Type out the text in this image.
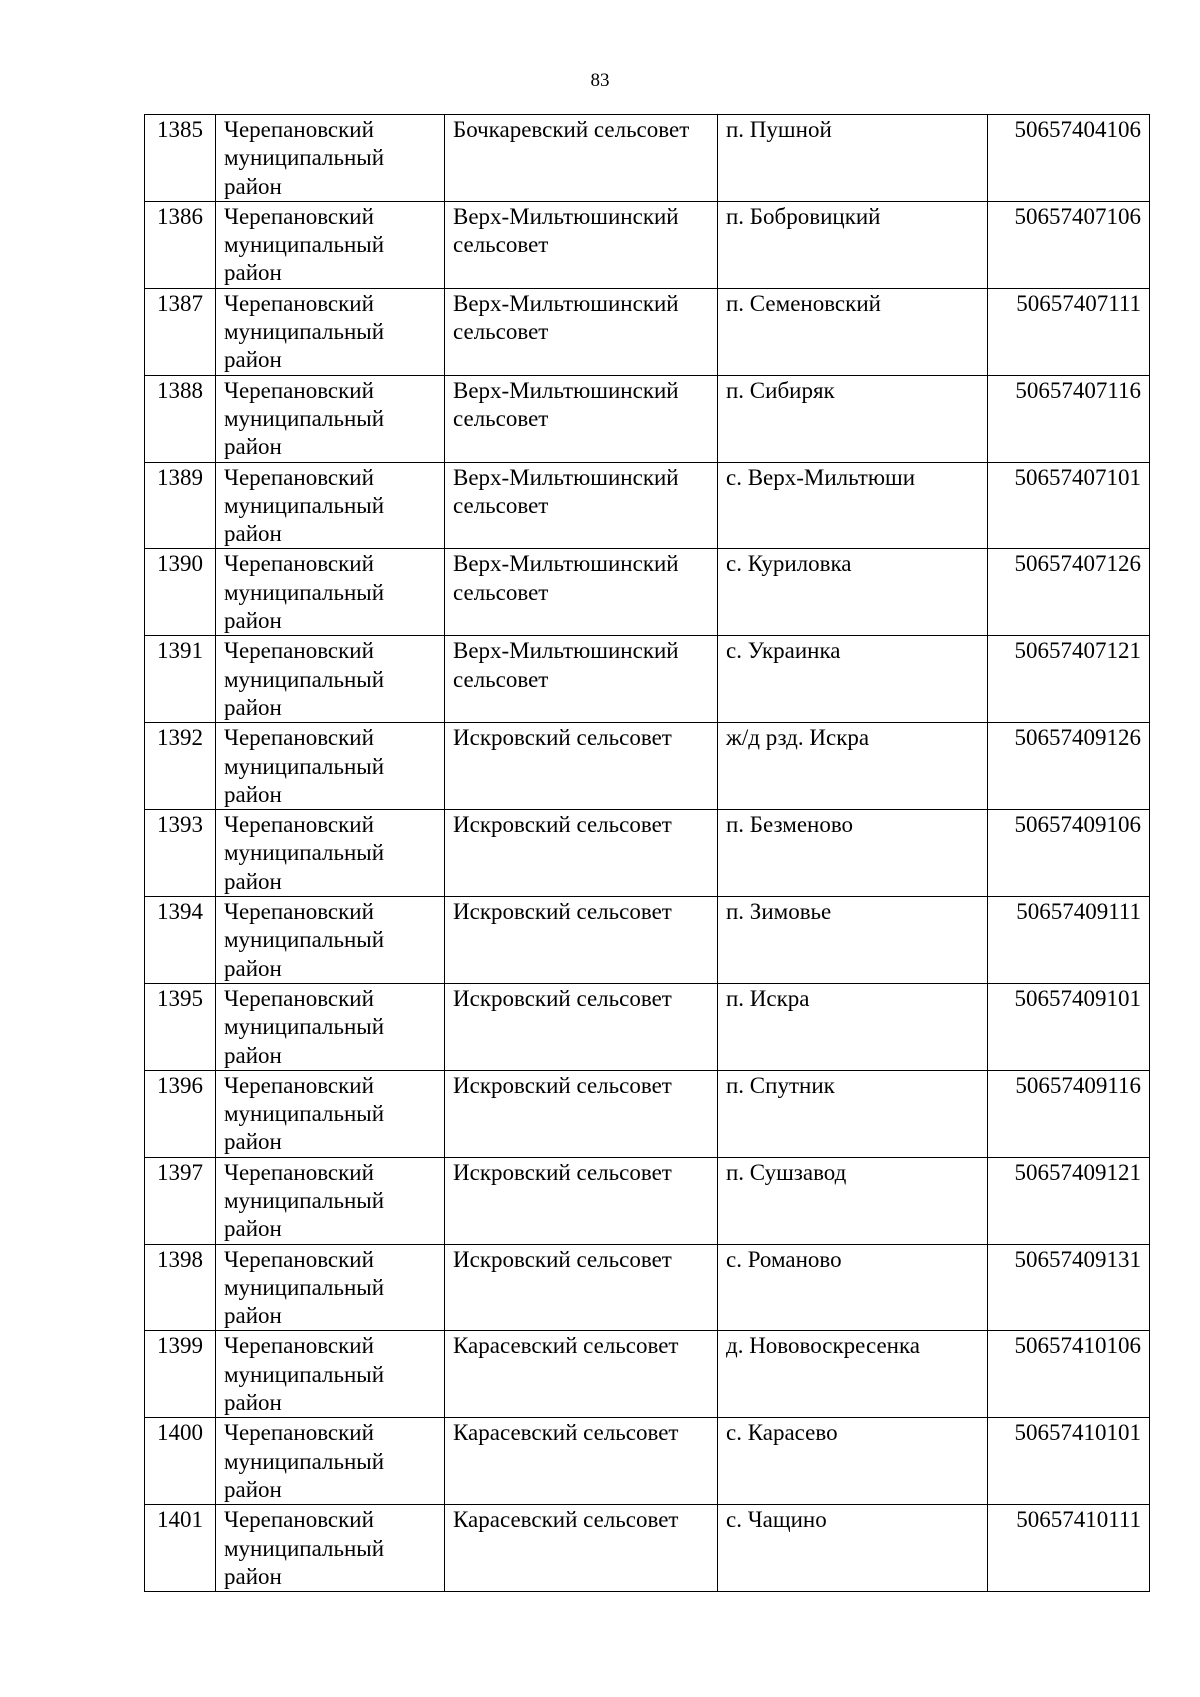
83
1385	Черепановский муниципальный район	Бочкаревский сельсовет	п. Пушной	50657404106
1386	Черепановский муниципальный район	Верх-Мильтюшинский сельсовет	п. Бобровицкий	50657407106
1387	Черепановский муниципальный район	Верх-Мильтюшинский сельсовет	п. Семеновский	50657407111
1388	Черепановский муниципальный район	Верх-Мильтюшинский сельсовет	п. Сибиряк	50657407116
1389	Черепановский муниципальный район	Верх-Мильтюшинский сельсовет	с. Верх-Мильтюши	50657407101
1390	Черепановский муниципальный район	Верх-Мильтюшинский сельсовет	с. Куриловка	50657407126
1391	Черепановский муниципальный район	Верх-Мильтюшинский сельсовет	с. Украинка	50657407121
1392	Черепановский муниципальный район	Искровский сельсовет	ж/д рзд. Искра	50657409126
1393	Черепановский муниципальный район	Искровский сельсовет	п. Безменово	50657409106
1394	Черепановский муниципальный район	Искровский сельсовет	п. Зимовье	50657409111
1395	Черепановский муниципальный район	Искровский сельсовет	п. Искра	50657409101
1396	Черепановский муниципальный район	Искровский сельсовет	п. Спутник	50657409116
1397	Черепановский муниципальный район	Искровский сельсовет	п. Сушзавод	50657409121
1398	Черепановский муниципальный район	Искровский сельсовет	с. Романово	50657409131
1399	Черепановский муниципальный район	Карасевский сельсовет	д. Нововоскресенка	50657410106
1400	Черепановский муниципальный район	Карасевский сельсовет	с. Карасево	50657410101
1401	Черепановский муниципальный район	Карасевский сельсовет	с. Чащино	50657410111
